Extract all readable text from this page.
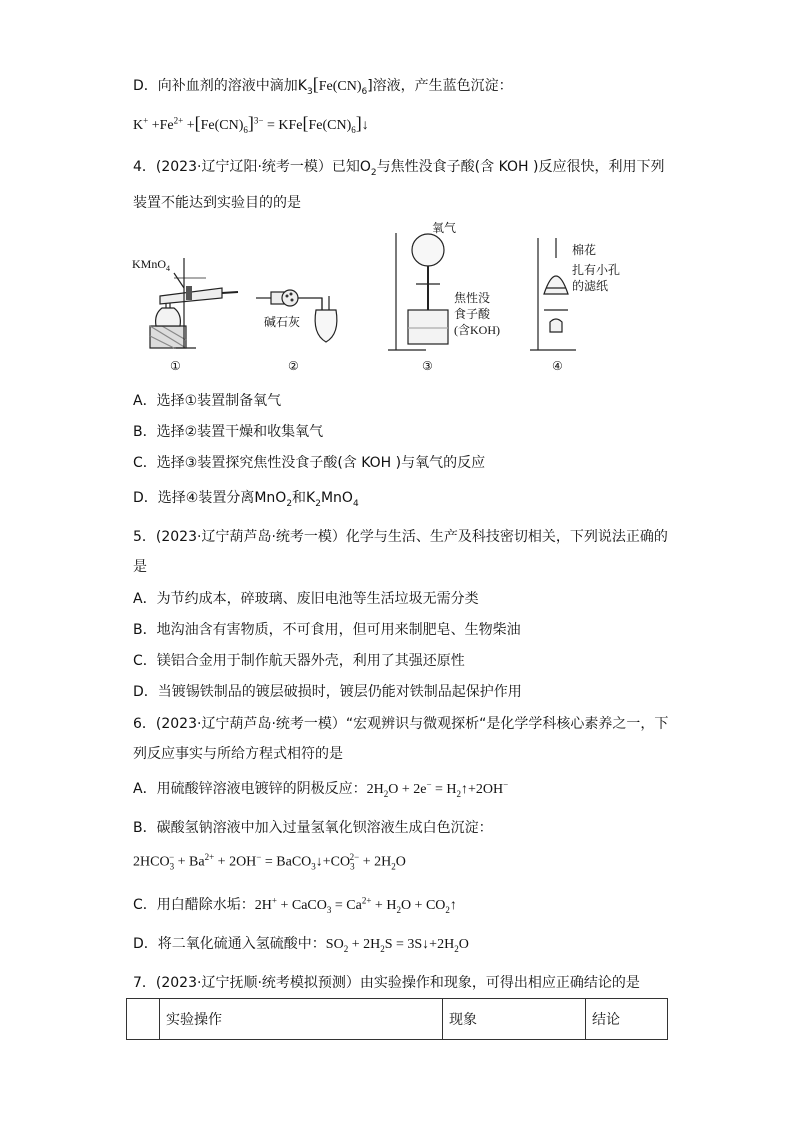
D．向补血剂的溶液中滴加$K_3[Fe(CN)_6]$溶液，产生蓝色沉淀：
$K^+ +Fe^{2+} +[Fe(CN)_6]^{3-}$ = $KFe[Fe(CN)_6]↓$
4．(2023·辽宁辽阳·统考一模）已知$O_2$与焦性没食子酸(含 KOH )反应很快，利用下列
装置不能达到实验目的的是
KMnO$_4$
碱石灰
氧气
焦性没
食子酸
(含KOH)
棉花
扎有小孔
的滤纸
①	②	③	④
A．选择①装置制备氧气
B．选择②装置干燥和收集氧气
C．选择③装置探究焦性没食子酸(含 KOH )与氧气的反应
D．选择④装置分离MnO$_2$和$K_2MnO_4$
5．(2023·辽宁葫芦岛·统考一模）化学与生活、生产及科技密切相关，下列说法正确的
是
A．为节约成本，碎玻璃、废旧电池等生活垃圾无需分类
B．地沟油含有害物质，不可食用，但可用来制肥皂、生物柴油
C．镁铝合金用于制作航天器外壳，利用了其强还原性
D．当镀锡铁制品的镀层破损时，镀层仍能对铁制品起保护作用
6．(2023·辽宁葫芦岛·统考一模）“宏观辨识与微观探析“是化学学科核心素养之一，下
列反应事实与所给方程式相符的是
A．用硫酸锌溶液电镀锌的阴极反应：$2H_2O + 2e^-$ = $H_2↑+2OH^-$
B．碳酸氢钠溶液中加入过量氢氧化钡溶液生成白色沉淀：
$2HCO_3^- + Ba^{2+} + 2OH^-$ = $BaCO_3↓+CO_3^{2-} + 2H_2O$
C．用白醋除水垢：2H+ + CaCO$_3$ = $Ca^{2+} + H_2O$ + $CO_2↑$
D．将二氧化硫通入氢硫酸中：$SO_2 + 2H_2S$ = $3S↓+2H_2O$
7．(2023·辽宁抚顺·统考模拟预测）由实验操作和现象，可得出相应正确结论的是
	实验操作	现象	结论
